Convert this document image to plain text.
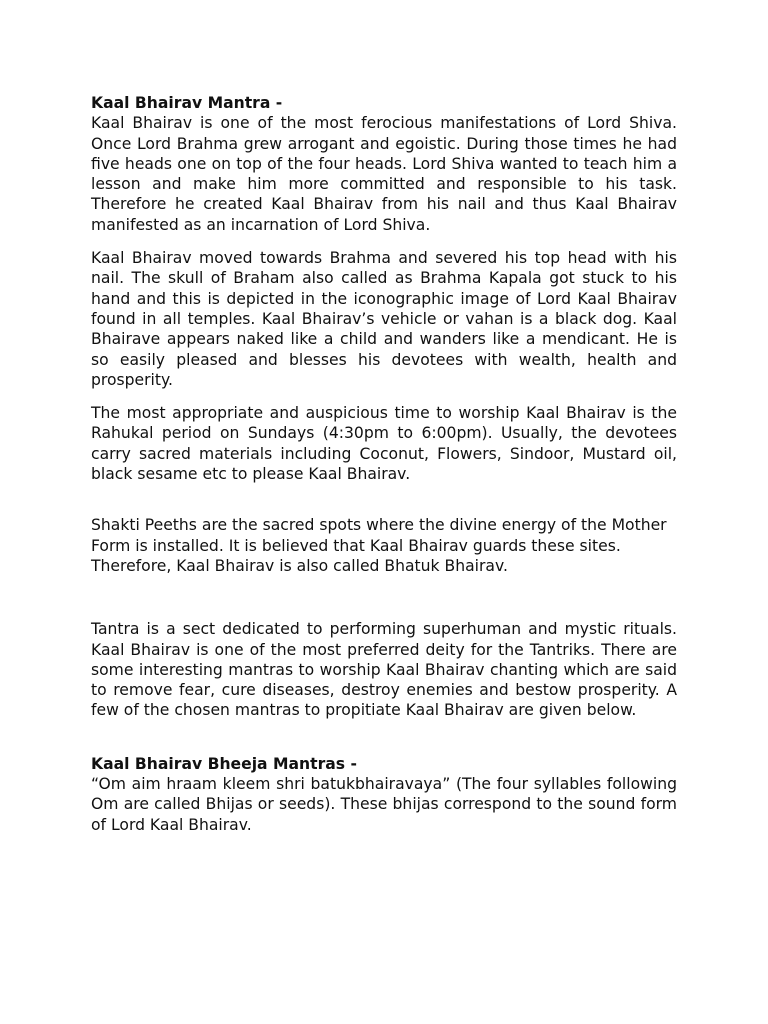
Kaal Bhairav Mantra -

Kaal Bhairav is one of the most ferocious manifestations of Lord Shiva. Once Lord Brahma grew arrogant and egoistic. During those times he had five heads one on top of the four heads. Lord Shiva wanted to teach him a lesson and make him more committed and responsible to his task. Therefore he created Kaal Bhairav from his nail and thus Kaal Bhairav manifested as an incarnation of Lord Shiva.

Kaal Bhairav moved towards Brahma and severed his top head with his nail. The skull of Braham also called as Brahma Kapala got stuck to his hand and this is depicted in the iconographic image of Lord Kaal Bhairav found in all temples. Kaal Bhairav’s vehicle or vahan is a black dog. Kaal Bhairave appears naked like a child and wanders like a mendicant. He is so easily pleased and blesses his devotees with wealth, health and prosperity.

The most appropriate and auspicious time to worship Kaal Bhairav is the Rahukal period on Sundays (4:30pm to 6:00pm). Usually, the devotees carry sacred materials including Coconut, Flowers, Sindoor, Mustard oil, black sesame etc to please Kaal Bhairav.

Shakti Peeths are the sacred spots where the divine energy of the Mother Form is installed. It is believed that Kaal Bhairav guards these sites. Therefore, Kaal Bhairav is also called Bhatuk Bhairav.

Tantra is a sect dedicated to performing superhuman and mystic rituals. Kaal Bhairav is one of the most preferred deity for the Tantriks. There are some interesting mantras to worship Kaal Bhairav chanting which are said to remove fear, cure diseases, destroy enemies and bestow prosperity. A few of the chosen mantras to propitiate Kaal Bhairav are given below.

Kaal Bhairav Bheeja Mantras -

“Om aim hraam kleem shri batukbhairavaya” (The four syllables following Om are called Bhijas or seeds). These bhijas correspond to the sound form of Lord Kaal Bhairav.
